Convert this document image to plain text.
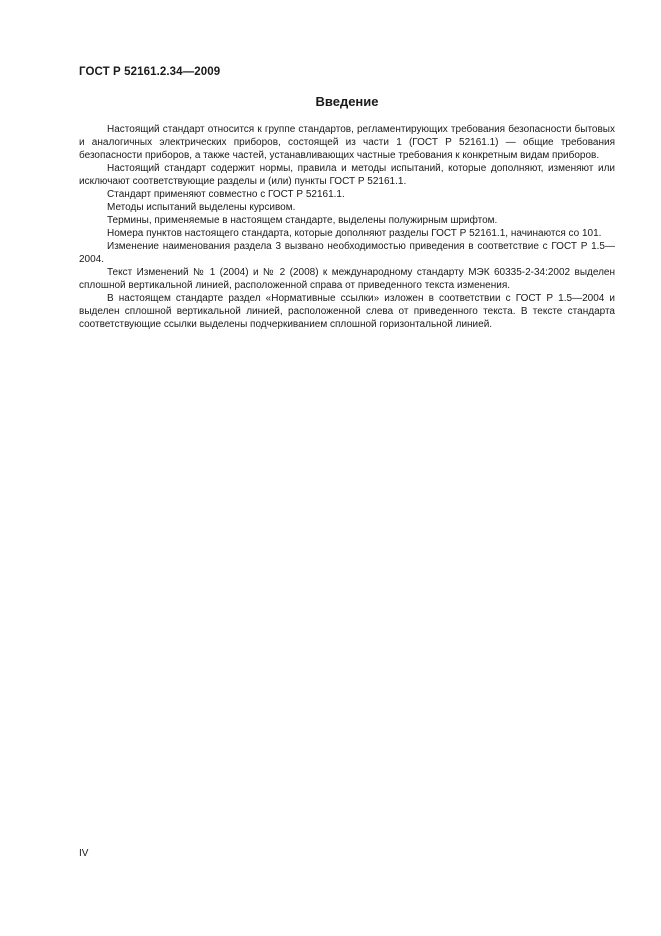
ГОСТ Р 52161.2.34—2009
Введение

Настоящий стандарт относится к группе стандартов, регламентирующих требования безопасности бытовых и аналогичных электрических приборов, состоящей из части 1 (ГОСТ Р 52161.1) — общие требования безопасности приборов, а также частей, устанавливающих частные требования к конкретным видам приборов.

Настоящий стандарт содержит нормы, правила и методы испытаний, которые дополняют, изменяют или исключают соответствующие разделы и (или) пункты ГОСТ Р 52161.1.

Стандарт применяют совместно с ГОСТ Р 52161.1.

Методы испытаний выделены курсивом.

Термины, применяемые в настоящем стандарте, выделены полужирным шрифтом.

Номера пунктов настоящего стандарта, которые дополняют разделы ГОСТ Р 52161.1, начинаются со 101.

Изменение наименования раздела 3 вызвано необходимостью приведения в соответствие с ГОСТ Р 1.5—2004.

Текст Изменений № 1 (2004) и № 2 (2008) к международному стандарту МЭК 60335-2-34:2002 выделен сплошной вертикальной линией, расположенной справа от приведенного текста изменения.

В настоящем стандарте раздел «Нормативные ссылки» изложен в соответствии с ГОСТ Р 1.5—2004 и выделен сплошной вертикальной линией, расположенной слева от приведенного текста. В тексте стандарта соответствующие ссылки выделены подчеркиванием сплошной горизонтальной линией.

IV
